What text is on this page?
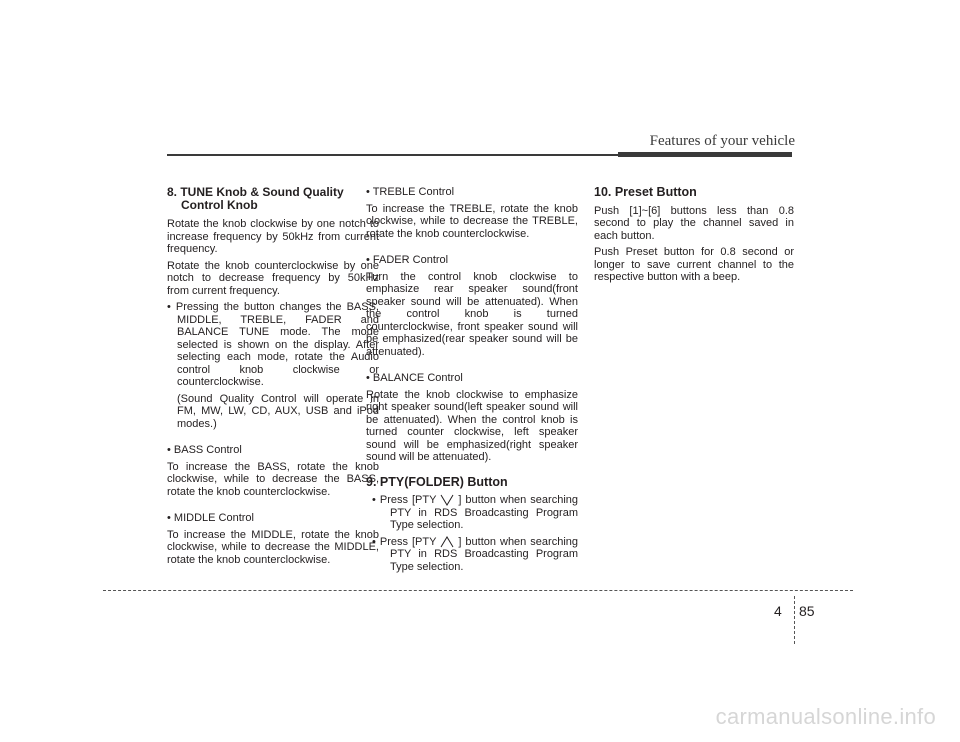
Features of your vehicle
8. TUNE Knob & Sound Quality
Control Knob

Rotate the knob clockwise by one notch to increase frequency by 50kHz from current frequency.

Rotate the knob counterclockwise by one notch to decrease frequency by 50kHz from current frequency.

• Pressing the button changes the BASS, MIDDLE, TREBLE, FADER and BALANCE TUNE mode. The mode selected is shown on the display. After selecting each mode, rotate the Audio control knob clockwise or counterclockwise.

(Sound Quality Control will operate in FM, MW, LW, CD, AUX, USB and iPod modes.)

• BASS Control

To increase the BASS, rotate the knob clockwise, while to decrease the BASS, rotate the knob counterclockwise.

• MIDDLE Control

To increase the MIDDLE, rotate the knob clockwise, while to decrease the MIDDLE, rotate the knob counterclockwise.

• TREBLE Control

To increase the TREBLE, rotate the knob clockwise, while to decrease the TREBLE, rotate the knob counterclockwise.

• FADER Control

Turn the control knob clockwise to emphasize rear speaker sound(front speaker sound will be attenuated). When the control knob is turned counterclockwise, front speaker sound will be emphasized(rear speaker sound will be attenuated).

• BALANCE Control

Rotate the knob clockwise to emphasize right speaker sound(left speaker sound will be attenuated). When the control knob is turned counter clockwise, left speaker sound will be emphasized(right speaker sound will be attenuated).

9. PTY(FOLDER) Button

• Press [PTY ] button when searching PTY in RDS Broadcasting Program Type selection.

• Press [PTY ] button when searching PTY in RDS Broadcasting Program Type selection.

10. Preset Button

Push [1]~[6] buttons less than 0.8 second to play the channel saved in each button.

Push Preset button for 0.8 second or longer to save current channel to the respective button with a beep.

4 85
carmanualsonline.info
